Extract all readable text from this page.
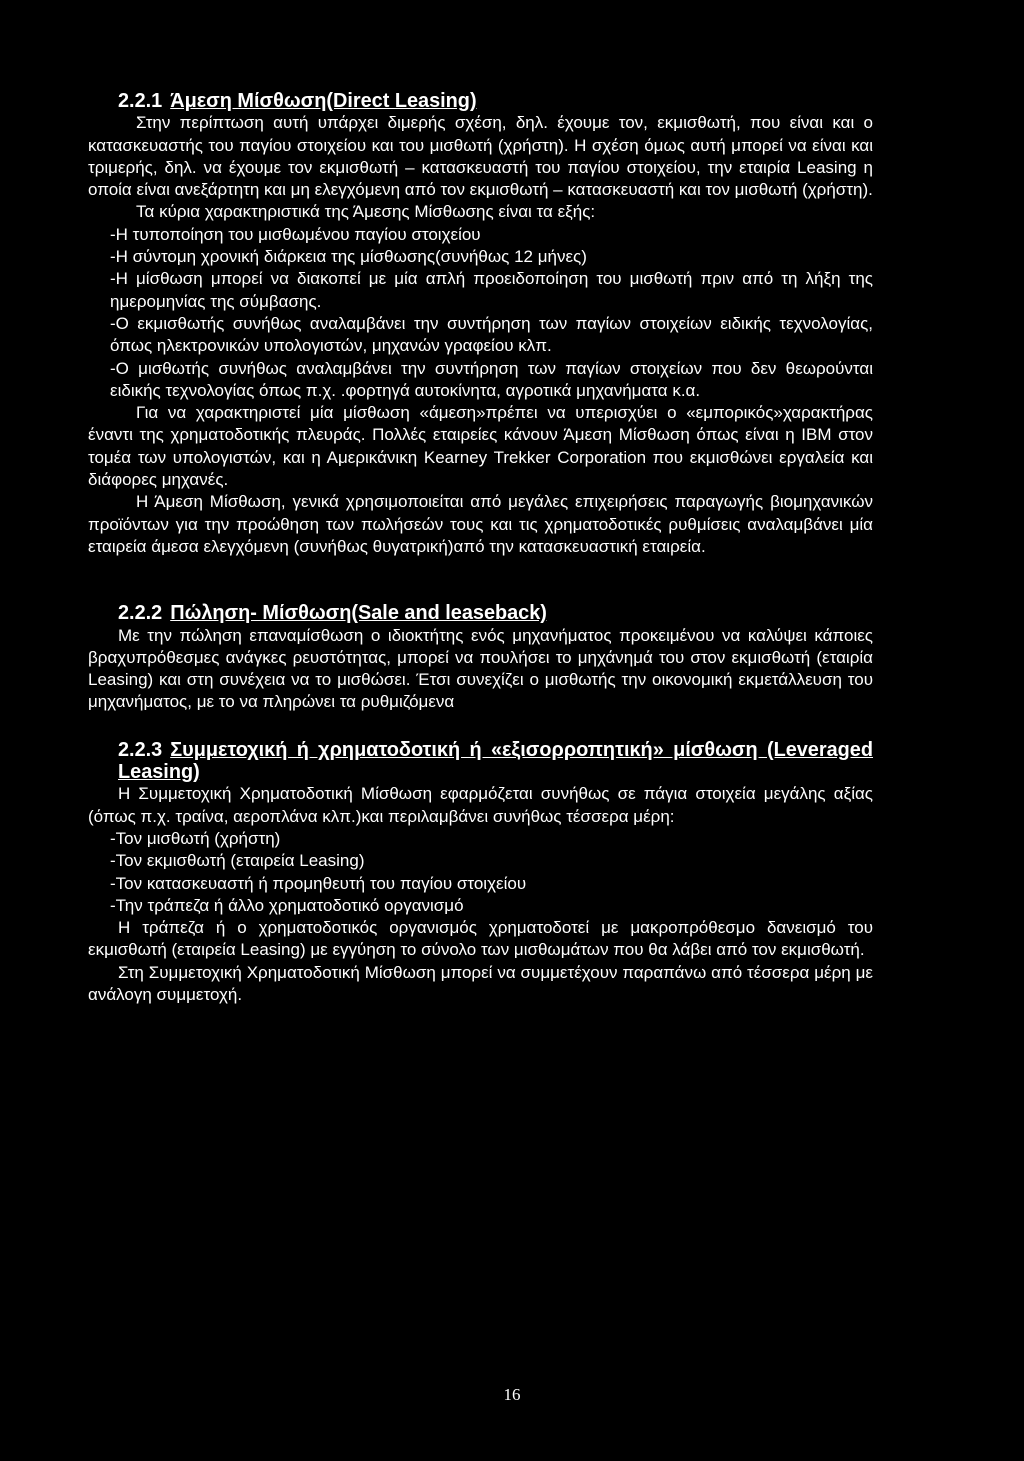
2.2.1 Άμεση Μίσθωση(Direct Leasing)

Στην περίπτωση αυτή υπάρχει διμερής σχέση, δηλ. έχουμε τον, εκμισθωτή, που είναι και ο κατασκευαστής του παγίου στοιχείου και του μισθωτή (χρήστη). Η σχέση όμως αυτή μπορεί να είναι και τριμερής, δηλ. να έχουμε τον εκμισθωτή – κατασκευαστή του παγίου στοιχείου, την εταιρία Leasing η οποία είναι ανεξάρτητη και μη ελεγχόμενη από τον εκμισθωτή – κατασκευαστή και τον μισθωτή (χρήστη).

Τα κύρια χαρακτηριστικά της Άμεσης Μίσθωσης είναι τα εξής:

-Η τυποποίηση του μισθωμένου παγίου στοιχείου

-Η σύντομη χρονική διάρκεια της μίσθωσης(συνήθως 12 μήνες)

-Η μίσθωση μπορεί να διακοπεί με μία απλή προειδοποίηση του μισθωτή πριν από τη λήξη της ημερομηνίας της σύμβασης.

-Ο εκμισθωτής συνήθως αναλαμβάνει την συντήρηση των παγίων στοιχείων ειδικής τεχνολογίας, όπως ηλεκτρονικών υπολογιστών, μηχανών γραφείου κλπ.

-Ο μισθωτής συνήθως αναλαμβάνει την συντήρηση των παγίων στοιχείων που δεν θεωρούνται ειδικής τεχνολογίας όπως π.χ. .φορτηγά αυτοκίνητα, αγροτικά μηχανήματα κ.α.

Για να χαρακτηριστεί μία μίσθωση «άμεση»πρέπει να υπερισχύει ο «εμπορικός»χαρακτήρας έναντι της χρηματοδοτικής πλευράς. Πολλές εταιρείες κάνουν Άμεση Μίσθωση όπως είναι η IBM στον τομέα των υπολογιστών, και η Αμερικάνικη Kearney Trekker Corporation που εκμισθώνει εργαλεία και διάφορες μηχανές.

Η Άμεση Μίσθωση, γενικά χρησιμοποιείται από μεγάλες επιχειρήσεις παραγωγής βιομηχανικών προϊόντων για την προώθηση των πωλήσεών τους και τις χρηματοδοτικές ρυθμίσεις αναλαμβάνει μία εταιρεία άμεσα ελεγχόμενη (συνήθως θυγατρική)από την κατασκευαστική εταιρεία.

2.2.2 Πώληση- Μίσθωση(Sale and leaseback)

Με την πώληση επαναμίσθωση ο ιδιοκτήτης ενός μηχανήματος προκειμένου να καλύψει κάποιες βραχυπρόθεσμες ανάγκες ρευστότητας, μπορεί να πουλήσει το μηχάνημά του στον εκμισθωτή (εταιρία Leasing) και στη συνέχεια να το μισθώσει. Έτσι συνεχίζει ο μισθωτής την οικονομική εκμετάλλευση του μηχανήματος, με το να πληρώνει τα ρυθμιζόμενα

2.2.3 Συμμετοχική ή χρηματοδοτική ή «εξισορροπητική» μίσθωση (Leveraged Leasing)

Η Συμμετοχική Χρηματοδοτική Μίσθωση εφαρμόζεται συνήθως σε πάγια στοιχεία μεγάλης αξίας (όπως π.χ. τραίνα, αεροπλάνα κλπ.)και περιλαμβάνει συνήθως τέσσερα μέρη:

-Τον μισθωτή (χρήστη)

-Τον εκμισθωτή (εταιρεία Leasing)

-Τον κατασκευαστή ή προμηθευτή του παγίου στοιχείου

-Την τράπεζα ή άλλο χρηματοδοτικό οργανισμό

Η τράπεζα ή ο χρηματοδοτικός οργανισμός χρηματοδοτεί με μακροπρόθεσμο δανεισμό του εκμισθωτή (εταιρεία Leasing) με εγγύηση το σύνολο των μισθωμάτων που θα λάβει από τον εκμισθωτή.

Στη Συμμετοχική Χρηματοδοτική Μίσθωση μπορεί να συμμετέχουν παραπάνω από τέσσερα μέρη με ανάλογη συμμετοχή.

16
